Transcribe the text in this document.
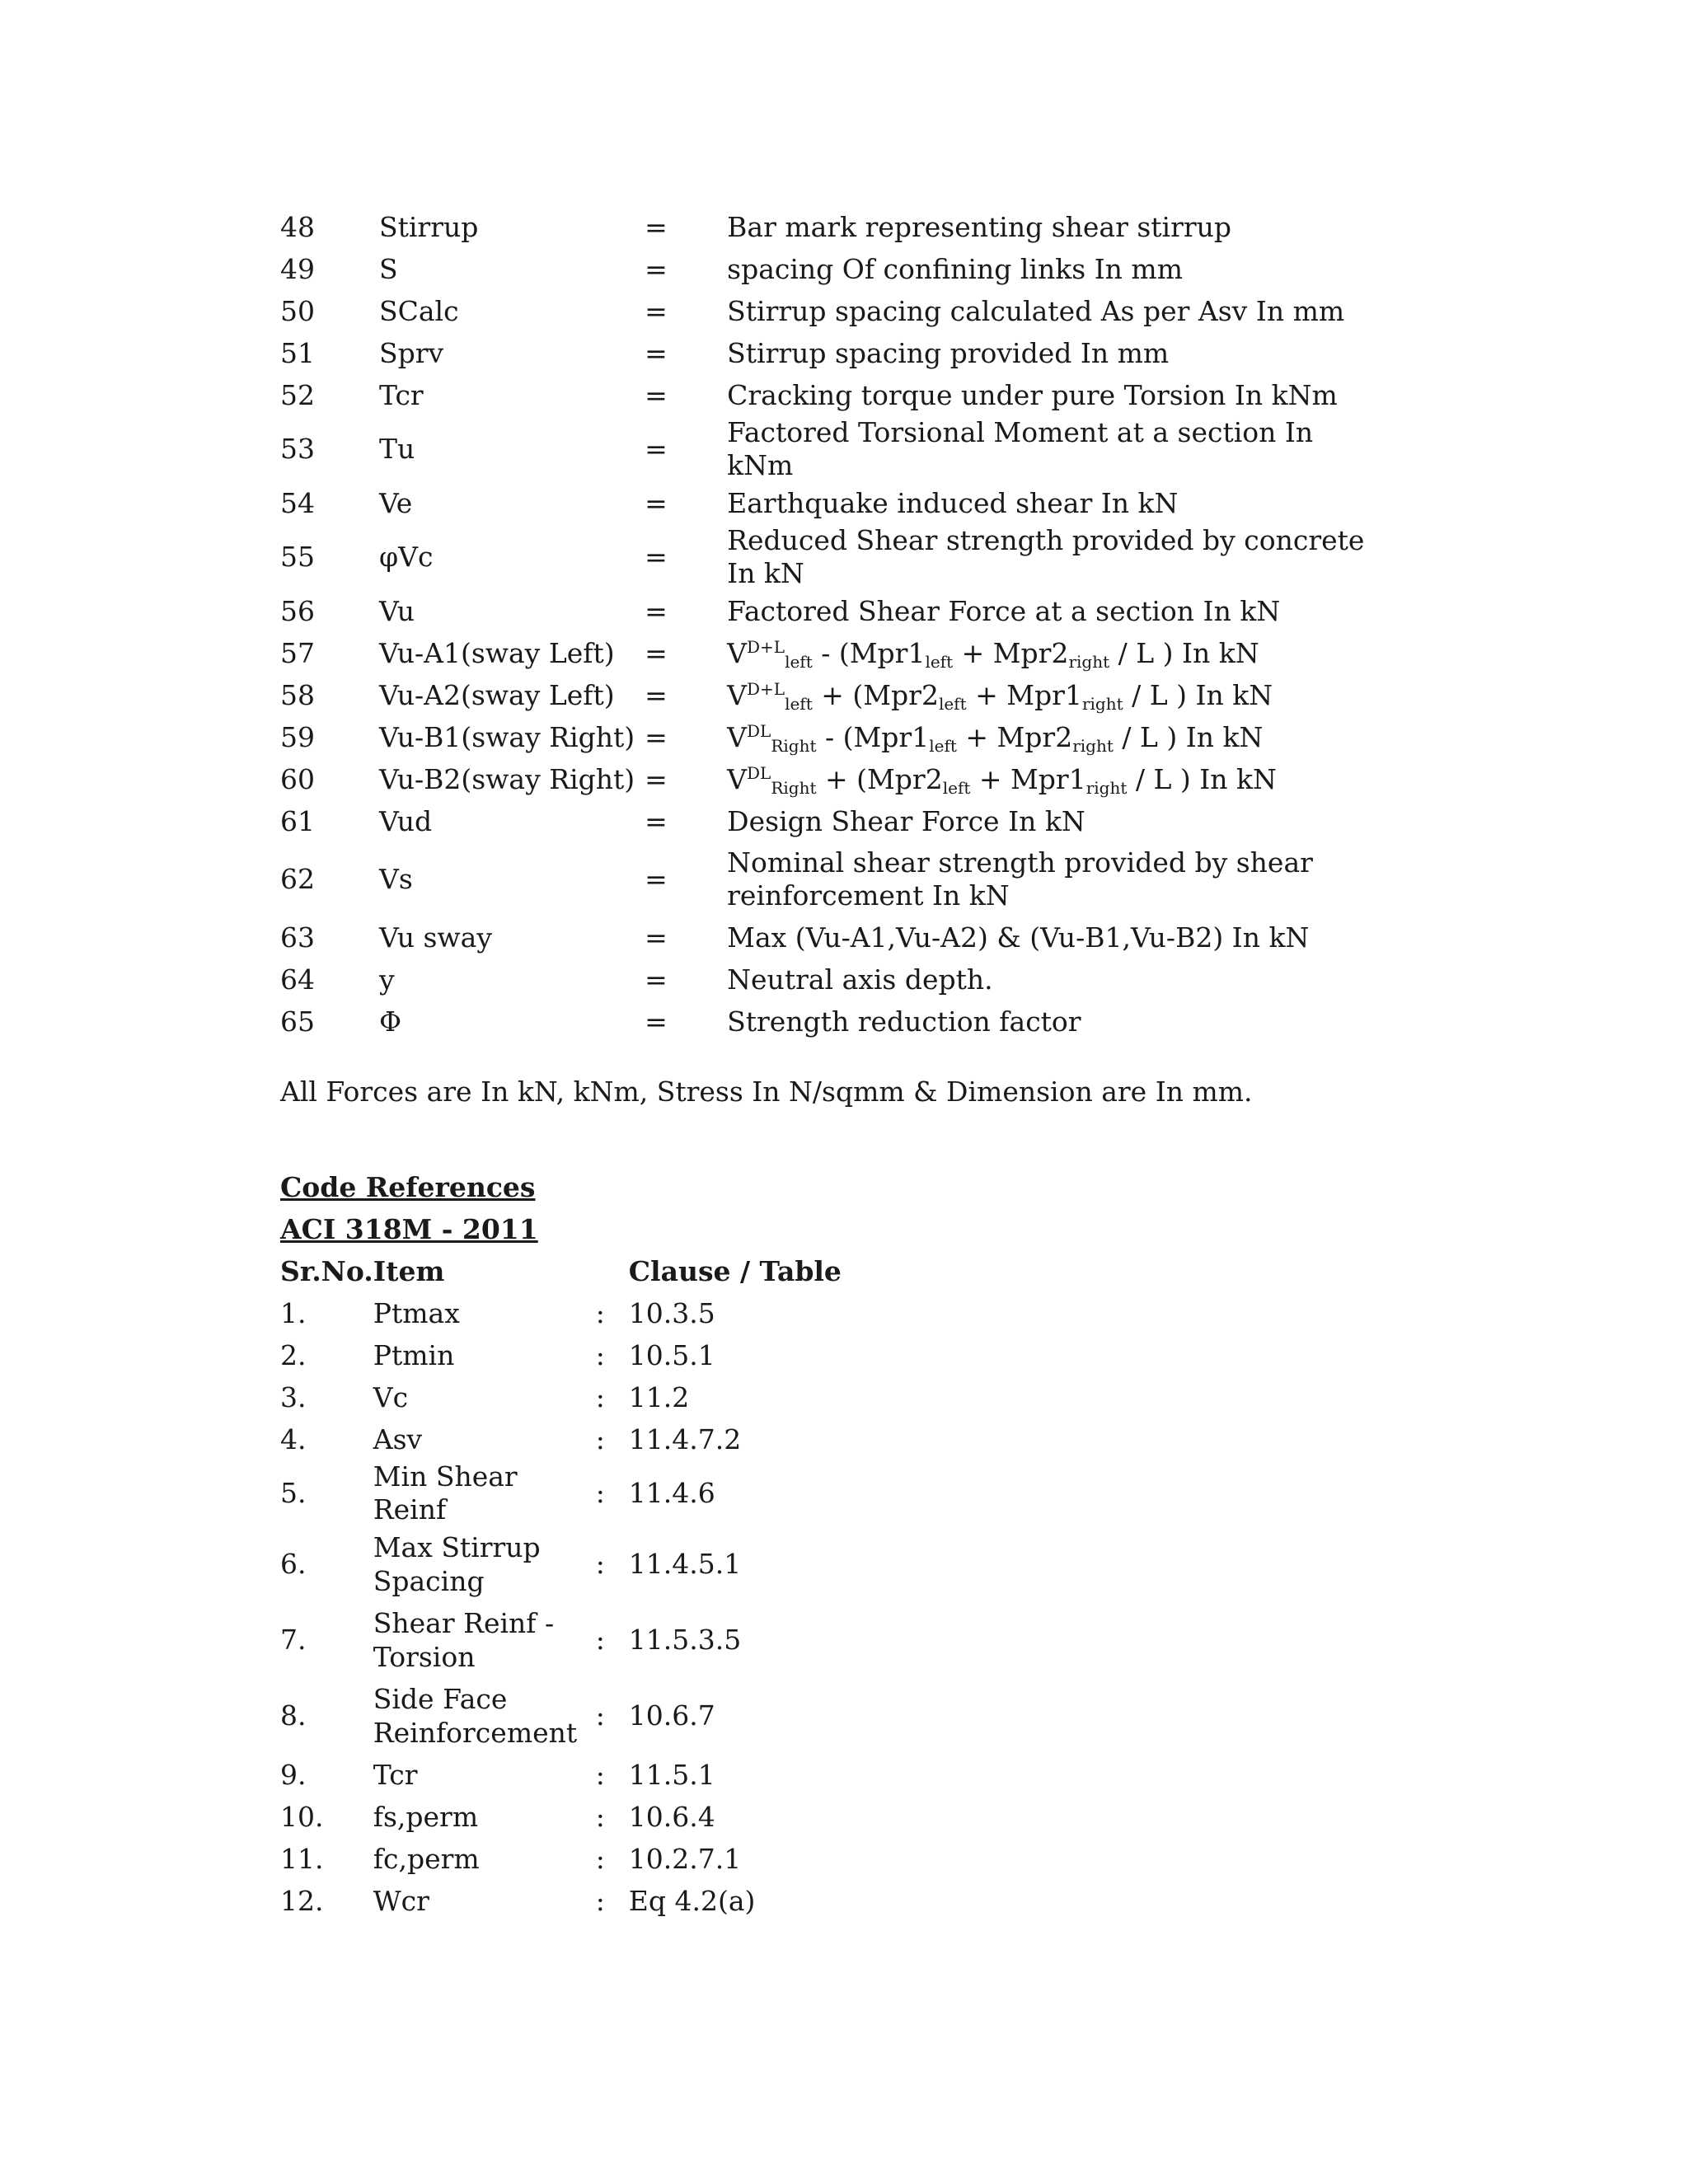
48	Stirrup	=	Bar mark representing shear stirrup
49	S	=	spacing Of confining links In mm
50	SCalc	=	Stirrup spacing calculated As per Asv In mm
51	Sprv	=	Stirrup spacing provided In mm
52	Tcr	=	Cracking torque under pure Torsion In kNm
53	Tu	=	Factored Torsional Moment at a section In kNm
54	Ve	=	Earthquake induced shear In kN
55	φVc	=	Reduced Shear strength provided by concrete In kN
56	Vu	=	Factored Shear Force at a section In kN
57	Vu-A1(sway Left)	=	$V^{D+L}_{left} - (Mpr1_{left} + Mpr2_{right} / L$ ) In kN
58	Vu-A2(sway Left)	=	$V^{D+L}_{left} + (Mpr2_{left} + Mpr1_{right} / L$ ) In kN
59	Vu-B1(sway Right)	=	$V^{DL}_{Right} - (Mpr1_{left} + Mpr2_{right} / L$ ) In kN
60	Vu-B2(sway Right)	=	$V^{DL}_{Right} + (Mpr2_{left} + Mpr1_{right} / L$ ) In kN
61	Vud	=	Design Shear Force In kN
62	Vs	=	Nominal shear strength provided by shear reinforcement In kN
63	Vu sway	=	Max (Vu-A1,Vu-A2) & (Vu-B1,Vu-B2) In kN
64	y	=	Neutral axis depth.
65	Φ	=	Strength reduction factor

All Forces are In kN, kNm, Stress In N/sqmm & Dimension are In mm.

Code References

ACI 318M - 2011

Sr.No.	Item		Clause / Table
1.	Ptmax	:	10.3.5
2.	Ptmin	:	10.5.1
3.	Vc	:	11.2
4.	Asv	:	11.4.7.2
5.	Min Shear Reinf	:	11.4.6
6.	Max Stirrup Spacing	:	11.4.5.1
7.	Shear Reinf - Torsion	:	11.5.3.5
8.	Side Face Reinforcement	:	10.6.7
9.	Tcr	:	11.5.1
10.	fs,perm	:	10.6.4
11.	fc,perm	:	10.2.7.1
12.	Wcr	:	Eq 4.2(a)
